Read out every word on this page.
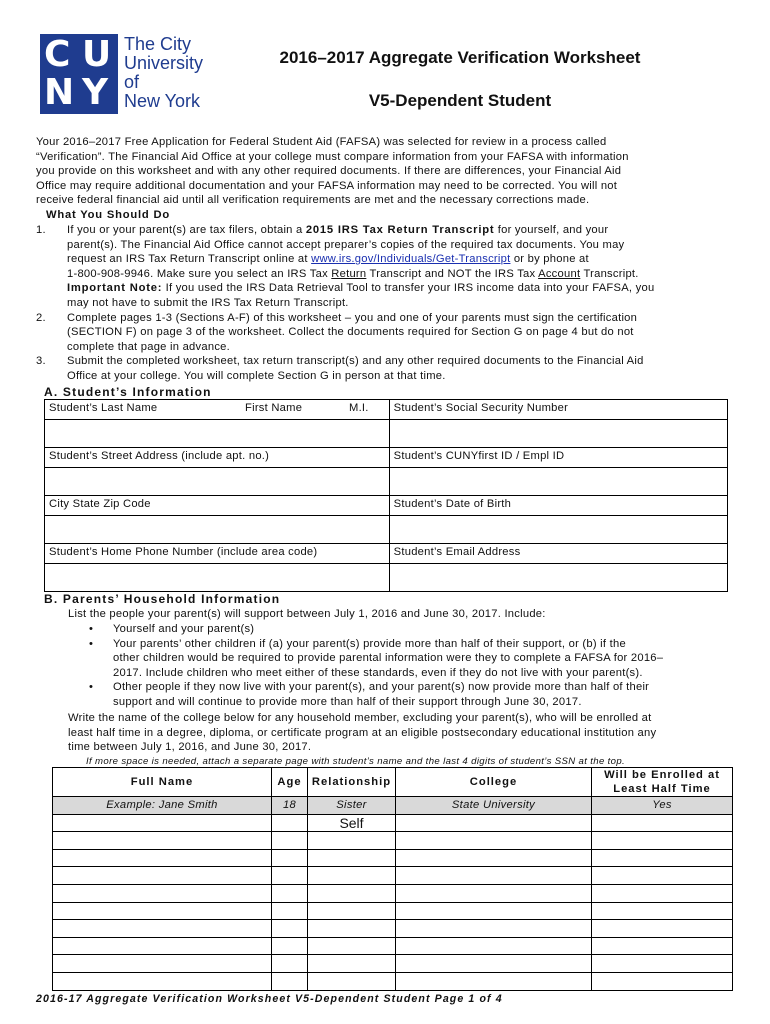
C U
N Y
The City
University
of
New York
2016–2017 Aggregate Verification Worksheet
V5-Dependent Student
Your 2016–2017 Free Application for Federal Student Aid (FAFSA) was selected for review in a process called
“Verification”. The Financial Aid Office at your college must compare information from your FAFSA with information
you provide on this worksheet and with any other required documents. If there are differences, your Financial Aid
Office may require additional documentation and your FAFSA information may need to be corrected. You will not
receive federal financial aid until all verification requirements are met and the necessary corrections made.
What You Should Do
1. If you or your parent(s) are tax filers, obtain a 2015 IRS Tax Return Transcript for yourself, and your
parent(s). The Financial Aid Office cannot accept preparer’s copies of the required tax documents. You may
request an IRS Tax Return Transcript online at www.irs.gov/Individuals/Get-Transcript or by phone at
1-800-908-9946. Make sure you select an IRS Tax Return Transcript and NOT the IRS Tax Account Transcript.
Important Note: If you used the IRS Data Retrieval Tool to transfer your IRS income data into your FAFSA, you
may not have to submit the IRS Tax Return Transcript.
2. Complete pages 1-3 (Sections A-F) of this worksheet – you and one of your parents must sign the certification
(SECTION F) on page 3 of the worksheet. Collect the documents required for Section G on page 4 but do not
complete that page in advance.
3. Submit the completed worksheet, tax return transcript(s) and any other required documents to the Financial Aid
Office at your college. You will complete Section G in person at that time.
A. Student’s Information
Student’s Last Name First Name M.I.	Student’s Social Security Number

Student’s Street Address (include apt. no.)	Student’s CUNYfirst ID / Empl ID

City State Zip Code	Student’s Date of Birth

Student’s Home Phone Number (include area code)	Student’s Email Address

B. Parents’ Household Information
List the people your parent(s) will support between July 1, 2016 and June 30, 2017. Include:
• Yourself and your parent(s)
• Your parents’ other children if (a) your parent(s) provide more than half of their support, or (b) if the
other children would be required to provide parental information were they to complete a FAFSA for 2016–
2017. Include children who meet either of these standards, even if they do not live with your parent(s).
• Other people if they now live with your parent(s), and your parent(s) now provide more than half of their
support and will continue to provide more than half of their support through June 30, 2017.
Write the name of the college below for any household member, excluding your parent(s), who will be enrolled at
least half time in a degree, diploma, or certificate program at an eligible postsecondary educational institution any
time between July 1, 2016, and June 30, 2017.
If more space is needed, attach a separate page with student’s name and the last 4 digits of student’s SSN at the top.
Full Name	Age	Relationship	College	Will be Enrolled at
Least Half Time

Example: Jane Smith	18	Sister	State University	Yes
		Self		

2016-17 Aggregate Verification Worksheet V5-Dependent Student Page 1 of 4
